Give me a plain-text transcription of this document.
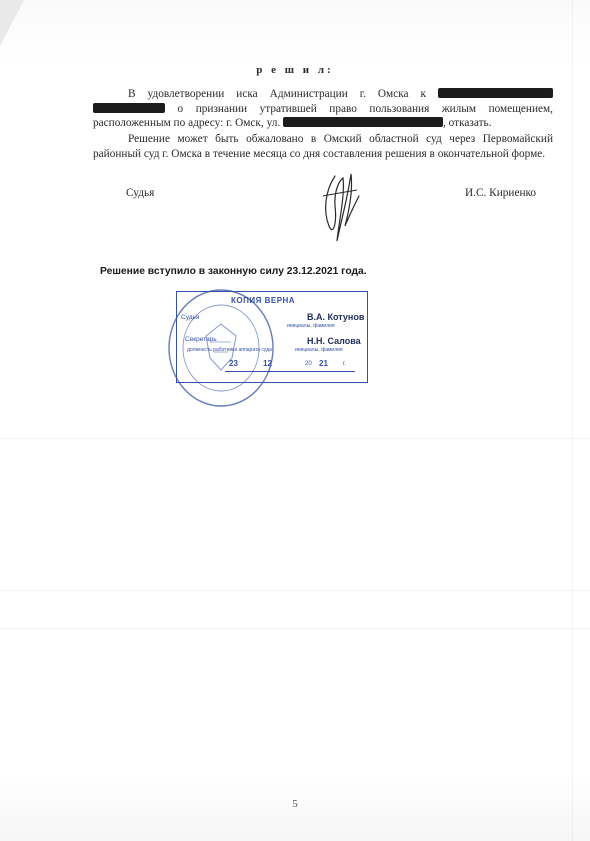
р е ш и л:
В удовлетворении иска Администрации г. Омска к   о признании утратившей право пользования жилым помещением, расположенным по адресу: г. Омск, ул.	, отказать.
Решение может быть обжаловано в Омский областной суд через Первомайский районный суд г. Омска в течение месяца со дня составления решения в окончательной форме.
Судья	И.С. Кириенко
Решение вступило в законную силу 23.12.2021 года.
КОПИЯ ВЕРНА
Судья	В.А. Котунов
инициалы, фамилия
Секретарь
должность работника аппарата суда
Н.Н. Салова
инициалы, фамилия
23	12	20 21	г.
5
